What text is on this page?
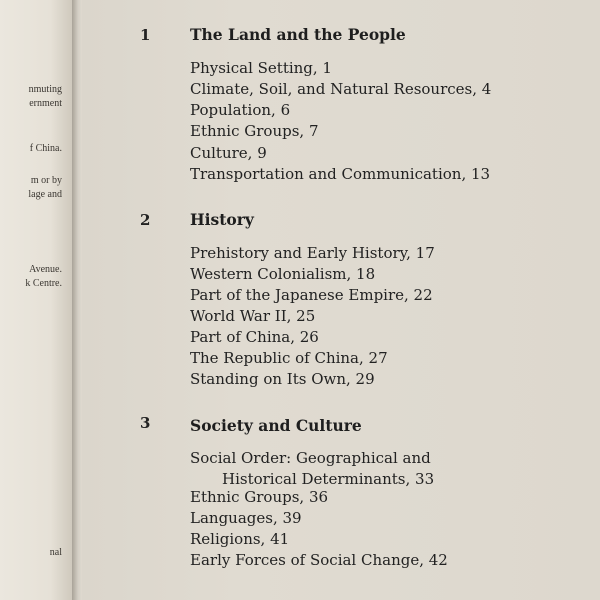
nmuting
ernment
f China.
m or by
lage and
Avenue.
k Centre.
nal
1	The Land and the People
Physical Setting, 1
Climate, Soil, and Natural Resources, 4
Population, 6
Ethnic Groups, 7
Culture, 9
Transportation and Communication, 13
2	History
Prehistory and Early History, 17
Western Colonialism, 18
Part of the Japanese Empire, 22
World War II, 25
Part of China, 26
The Republic of China, 27
Standing on Its Own, 29
3	Society and Culture
Social Order: Geographical and
Historical Determinants, 33
Ethnic Groups, 36
Languages, 39
Religions, 41
Early Forces of Social Change, 42
